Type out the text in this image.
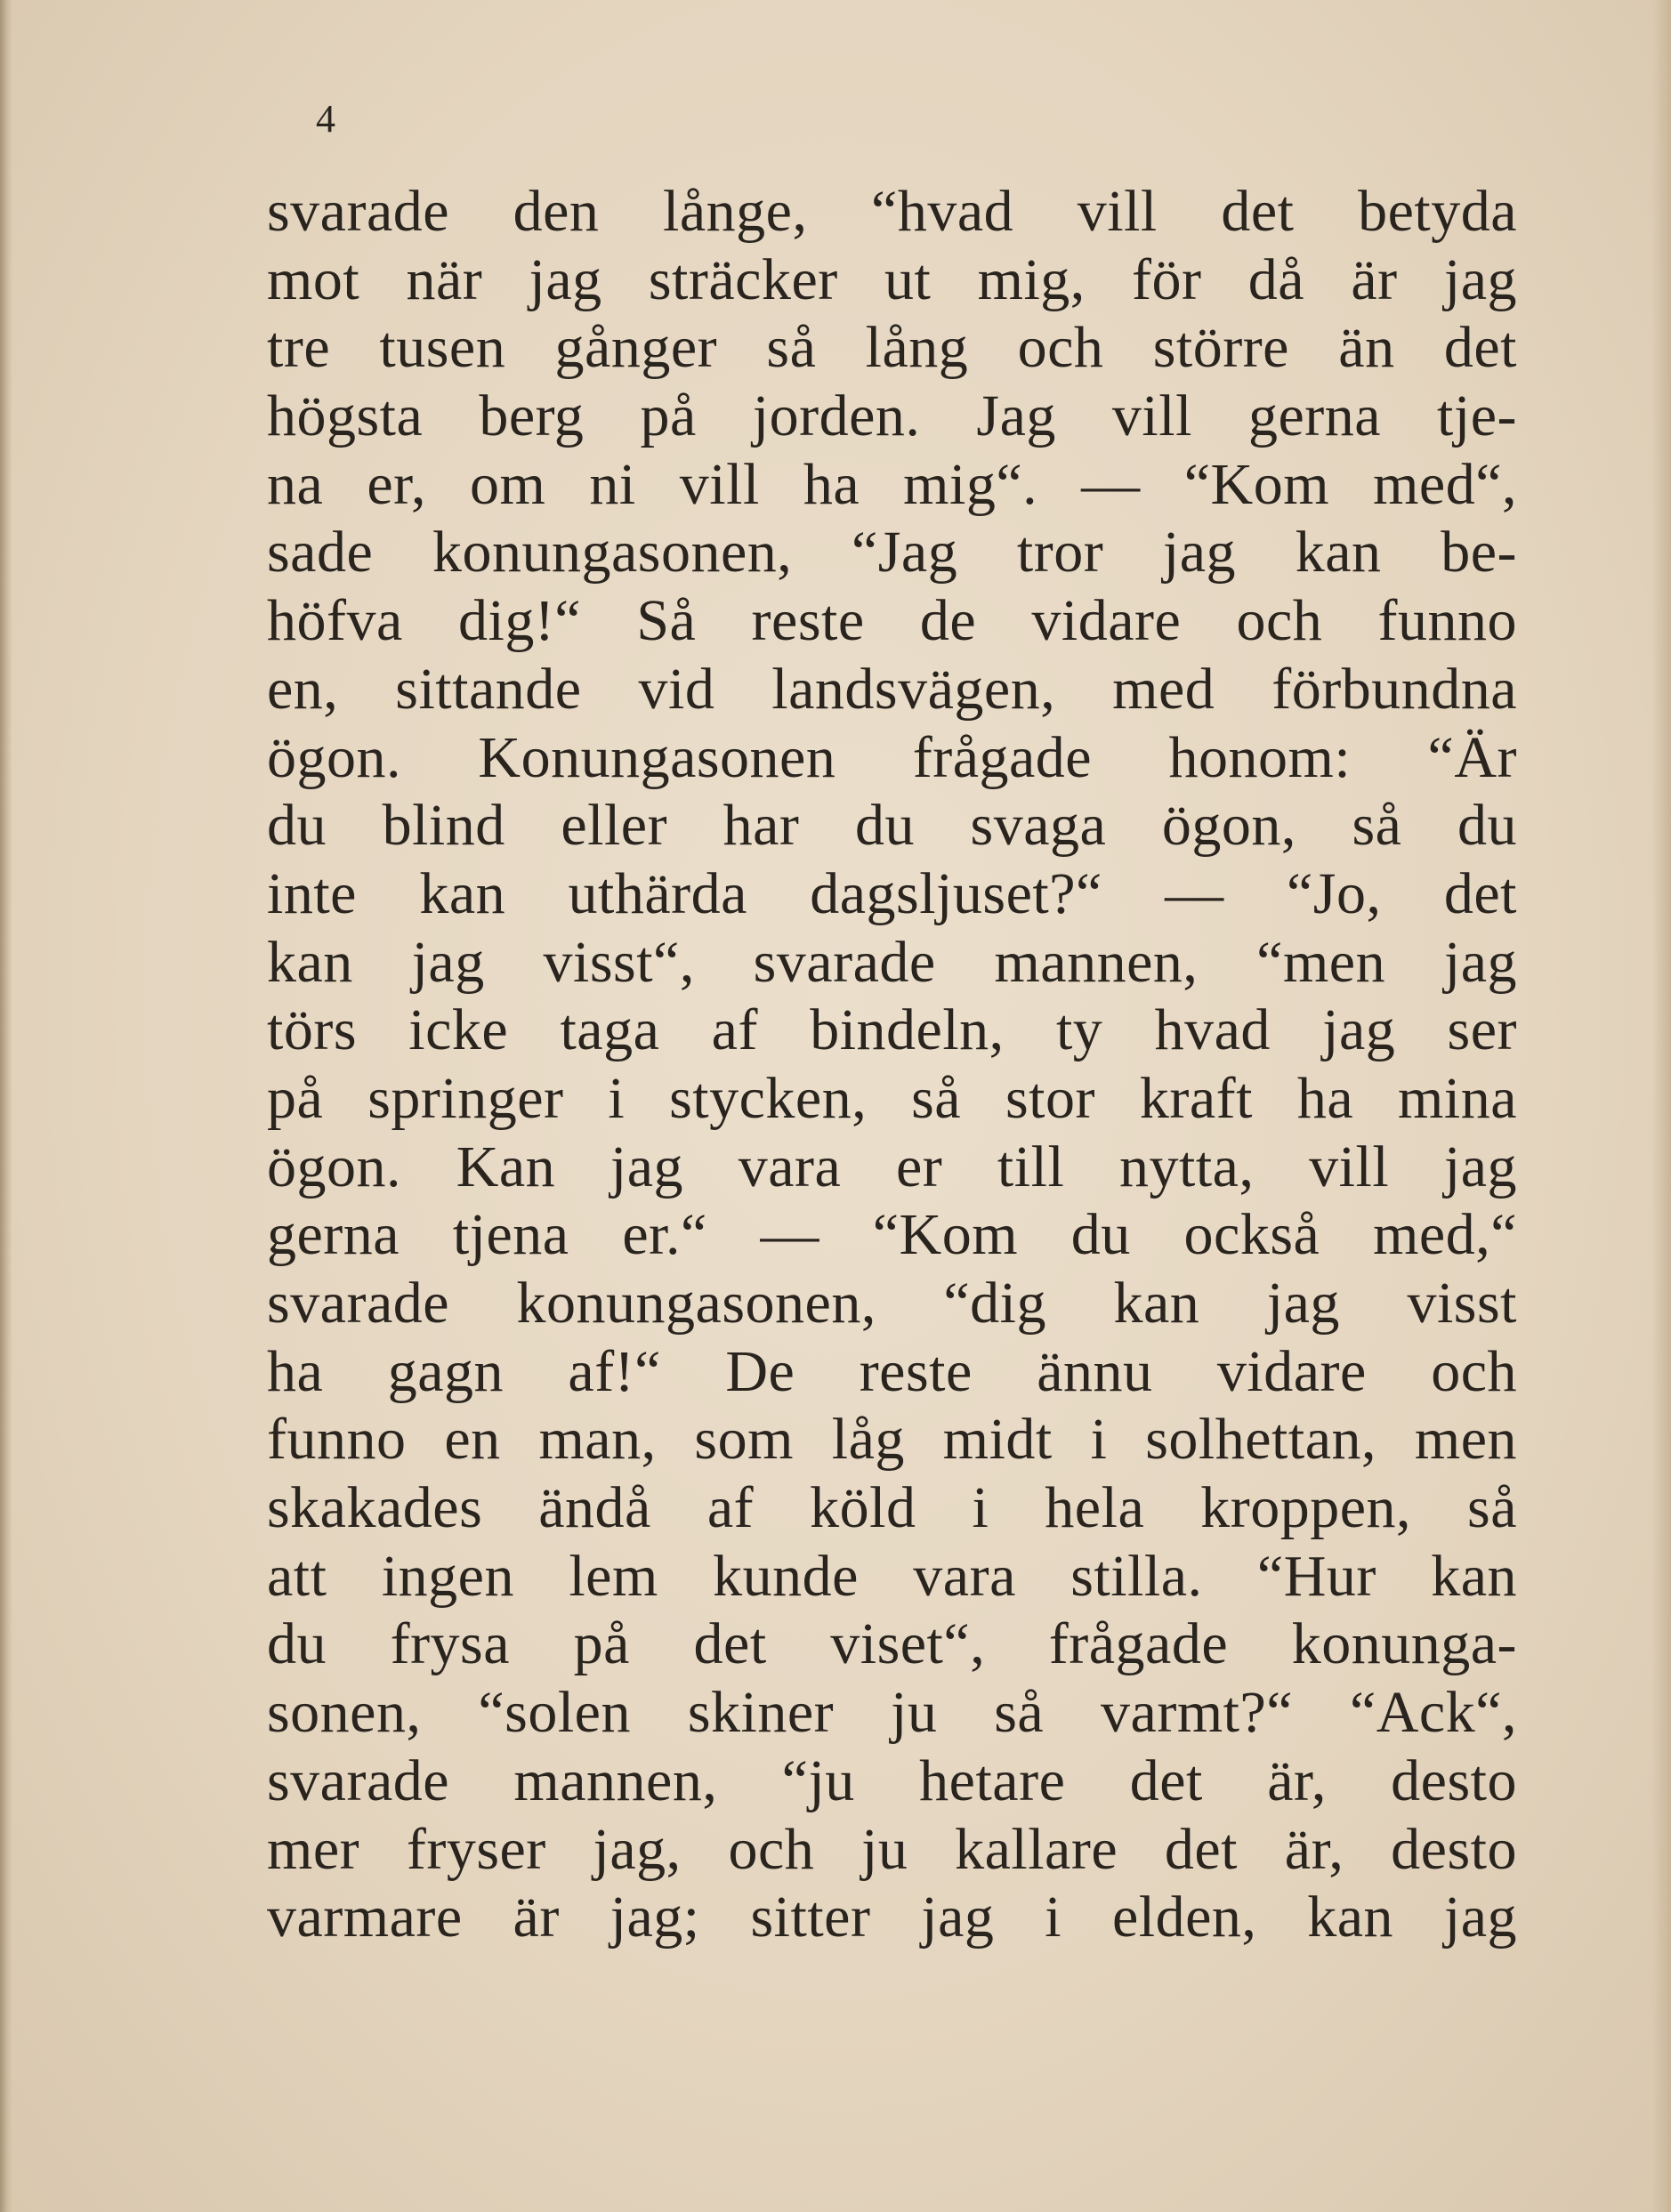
4
svarade den långe, “hvad vill det betyda
mot när jag sträcker ut mig, för då är jag
tre tusen gånger så lång och större än det
högsta berg på jorden. Jag vill gerna tje-
na er, om ni vill ha mig“. — “Kom med“,
sade konungasonen, “Jag tror jag kan be-
höfva dig!“ Så reste de vidare och funno
en, sittande vid landsvägen, med förbundna
ögon. Konungasonen frågade honom: “Är
du blind eller har du svaga ögon, så du
inte kan uthärda dagsljuset?“ — “Jo, det
kan jag visst“, svarade mannen, “men jag
törs icke taga af bindeln, ty hvad jag ser
på springer i stycken, så stor kraft ha mina
ögon. Kan jag vara er till nytta, vill jag
gerna tjena er.“ — “Kom du också med,“
svarade konungasonen, “dig kan jag visst
ha gagn af!“ De reste ännu vidare och
funno en man, som låg midt i solhettan, men
skakades ändå af köld i hela kroppen, så
att ingen lem kunde vara stilla. “Hur kan
du frysa på det viset“, frågade konunga-
sonen, “solen skiner ju så varmt?“ “Ack“,
svarade mannen, “ju hetare det är, desto
mer fryser jag, och ju kallare det är, desto
varmare är jag; sitter jag i elden, kan jag
